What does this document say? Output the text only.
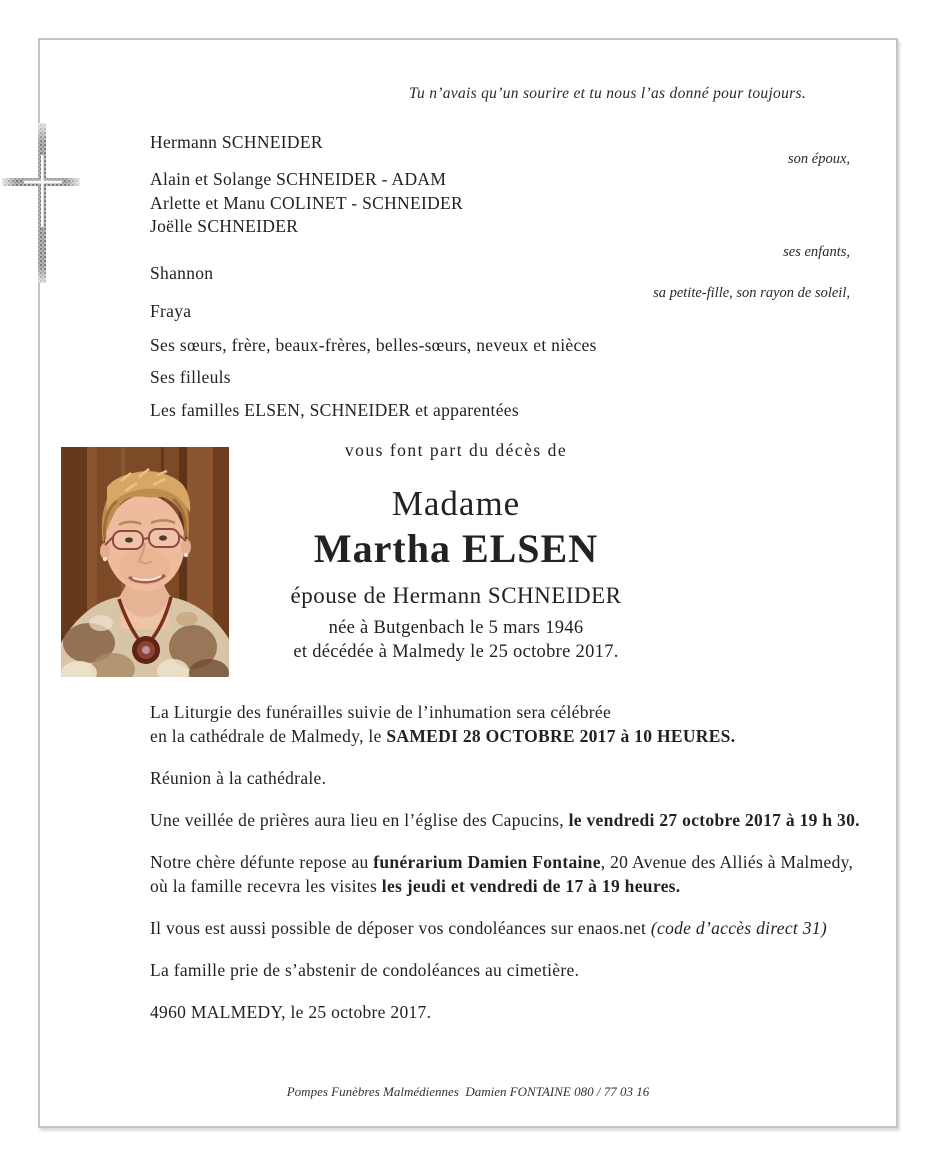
Tu n’avais qu’un sourire et tu nous l’as donné pour toujours.
Hermann SCHNEIDER
son époux,
Alain et Solange SCHNEIDER - ADAM
Arlette et Manu COLINET - SCHNEIDER
Joëlle SCHNEIDER
ses enfants,
Shannon
sa petite-fille, son rayon de soleil,
Fraya
Ses sœurs, frère, beaux-frères, belles-sœurs, neveux et nièces
Ses filleuls
Les familles ELSEN, SCHNEIDER et apparentées
vous font part du décès de
Madame
Martha ELSEN
épouse de Hermann SCHNEIDER
née à Butgenbach le 5 mars 1946
et décédée à Malmedy le 25 octobre 2017.

La Liturgie des funérailles suivie de l’inhumation sera célébrée
en la cathédrale de Malmedy, le SAMEDI 28 OCTOBRE 2017 à 10 HEURES.

Réunion à la cathédrale.

Une veillée de prières aura lieu en l’église des Capucins, le vendredi 27 octobre 2017 à 19 h 30.

Notre chère défunte repose au funérarium Damien Fontaine, 20 Avenue des Alliés à Malmedy,
où la famille recevra les visites les jeudi et vendredi de 17 à 19 heures.

Il vous est aussi possible de déposer vos condoléances sur enaos.net (code d’accès direct 31)

La famille prie de s’abstenir de condoléances au cimetière.

4960 MALMEDY, le 25 octobre 2017.

Pompes Funèbres Malmédiennes  Damien FONTAINE 080 / 77 03 16
